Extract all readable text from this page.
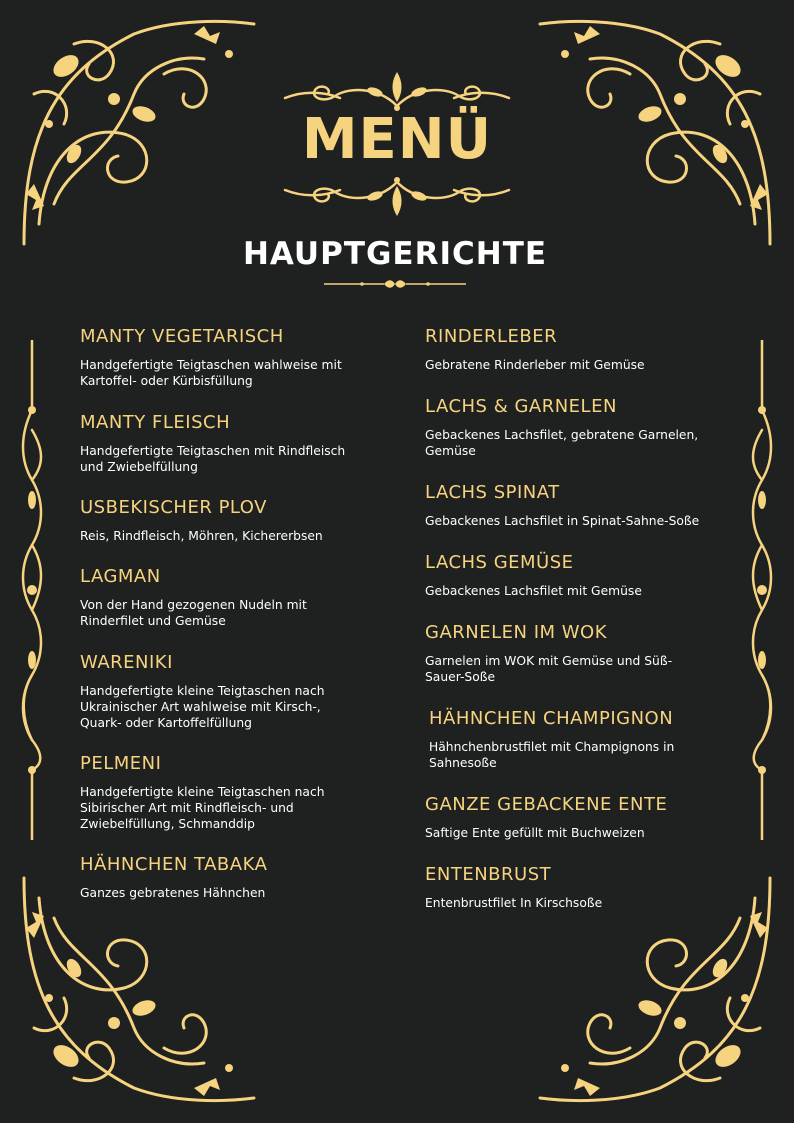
MENÜ
HAUPTGERICHTE
MANTY VEGETARISCH
Handgefertigte Teigtaschen wahlweise mit
Kartoffel- oder Kürbisfüllung
MANTY FLEISCH
Handgefertigte Teigtaschen mit Rindfleisch
und Zwiebelfüllung
USBEKISCHER PLOV
Reis, Rindfleisch, Möhren, Kichererbsen
LAGMAN
Von der Hand gezogenen Nudeln mit
Rinderfilet und Gemüse
WARENIKI
Handgefertigte kleine Teigtaschen nach
Ukrainischer Art wahlweise mit Kirsch-,
Quark- oder Kartoffelfüllung
PELMENI
Handgefertigte kleine Teigtaschen nach
Sibirischer Art mit Rindfleisch- und
Zwiebelfüllung, Schmanddip
HÄHNCHEN TABAKA
Ganzes gebratenes Hähnchen
RINDERLEBER
Gebratene Rinderleber mit Gemüse
LACHS & GARNELEN
Gebackenes Lachsfilet, gebratene Garnelen,
Gemüse
LACHS SPINAT
Gebackenes Lachsfilet in Spinat-Sahne-Soße
LACHS GEMÜSE
Gebackenes Lachsfilet mit Gemüse
GARNELEN IM WOK
Garnelen im WOK mit Gemüse und Süß-
Sauer-Soße
HÄHNCHEN CHAMPIGNON
Hähnchenbrustfilet mit Champignons in
Sahnesoße
GANZE GEBACKENE ENTE
Saftige Ente gefüllt mit Buchweizen
ENTENBRUST
Entenbrustfilet In Kirschsoße
